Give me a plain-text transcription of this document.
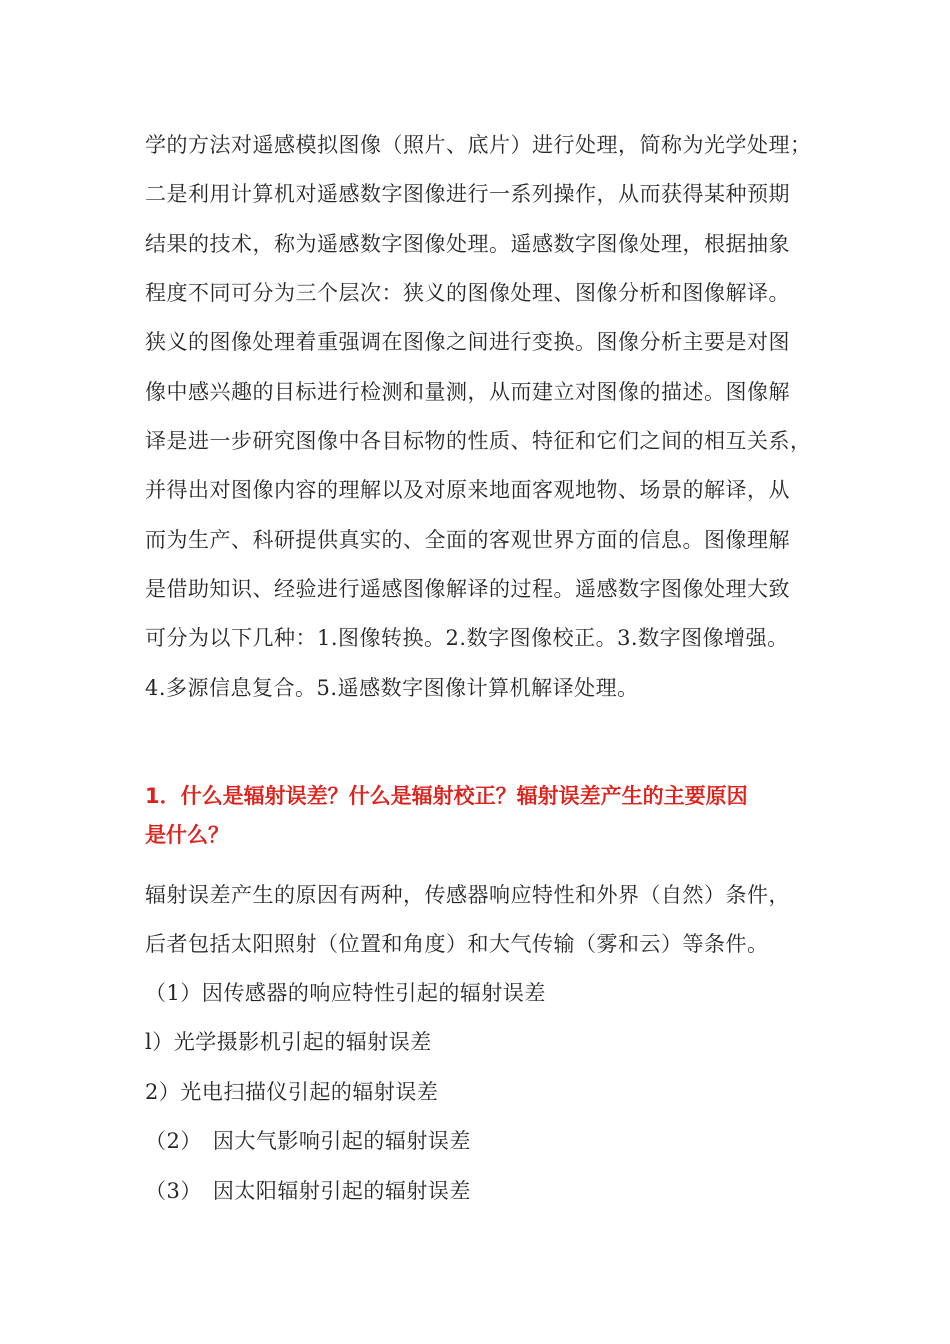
学的方法对遥感模拟图像（照片、底片）进行处理，简称为光学处理；
二是利用计算机对遥感数字图像进行一系列操作，从而获得某种预期
结果的技术，称为遥感数字图像处理。遥感数字图像处理，根据抽象
程度不同可分为三个层次：狭义的图像处理、图像分析和图像解译。
狭义的图像处理着重强调在图像之间进行变换。图像分析主要是对图
像中感兴趣的目标进行检测和量测，从而建立对图像的描述。图像解
译是进一步研究图像中各目标物的性质、特征和它们之间的相互关系，
并得出对图像内容的理解以及对原来地面客观地物、场景的解译，从
而为生产、科研提供真实的、全面的客观世界方面的信息。图像理解
是借助知识、经验进行遥感图像解译的过程。遥感数字图像处理大致
可分为以下几种：1.图像转换。2.数字图像校正。3.数字图像增强。
4.多源信息复合。5.遥感数字图像计算机解译处理。
1．什么是辐射误差？什么是辐射校正？辐射误差产生的主要原因
是什么？
辐射误差产生的原因有两种，传感器响应特性和外界（自然）条件，
后者包括太阳照射（位置和角度）和大气传输（雾和云）等条件。
（1）因传感器的响应特性引起的辐射误差
l）光学摄影机引起的辐射误差
2）光电扫描仪引起的辐射误差
（2）　因大气影响引起的辐射误差
（3）　因太阳辐射引起的辐射误差
